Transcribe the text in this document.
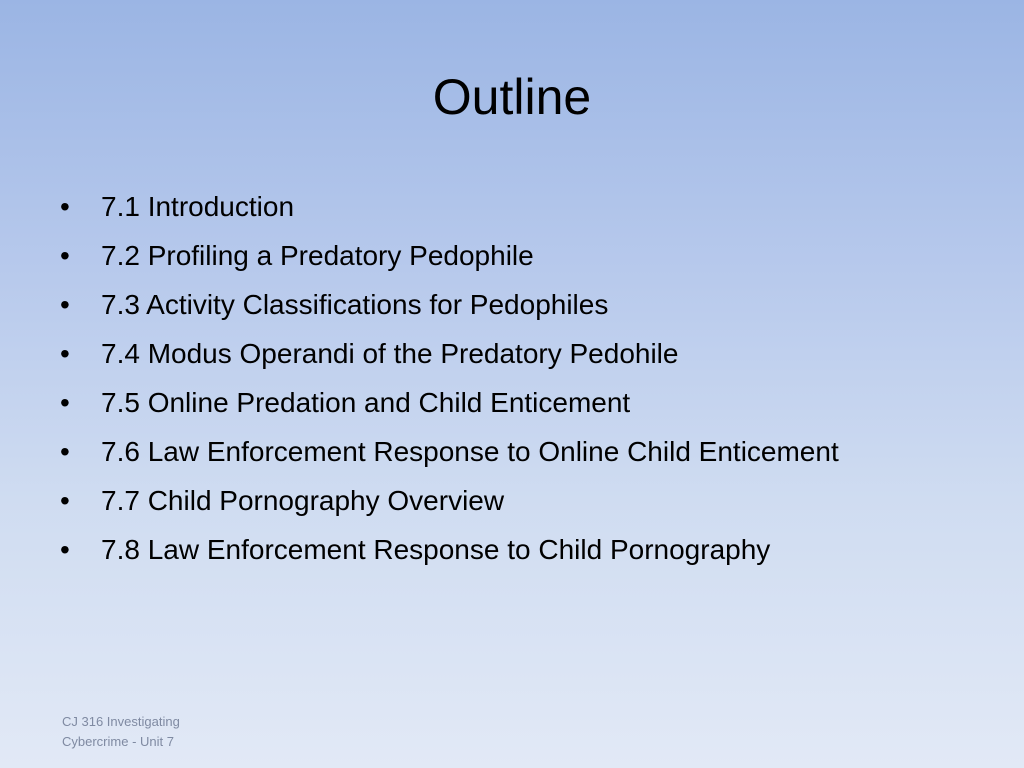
Outline
•	7.1 Introduction
•	7.2 Profiling a Predatory Pedophile
•	7.3 Activity Classifications for Pedophiles
•	7.4 Modus Operandi of the Predatory Pedohile
•	7.5 Online Predation and Child Enticement
•	7.6 Law Enforcement Response to Online Child Enticement
•	7.7 Child Pornography Overview
•	7.8 Law Enforcement Response to Child Pornography
CJ 316 Investigating
Cybercrime - Unit 7
